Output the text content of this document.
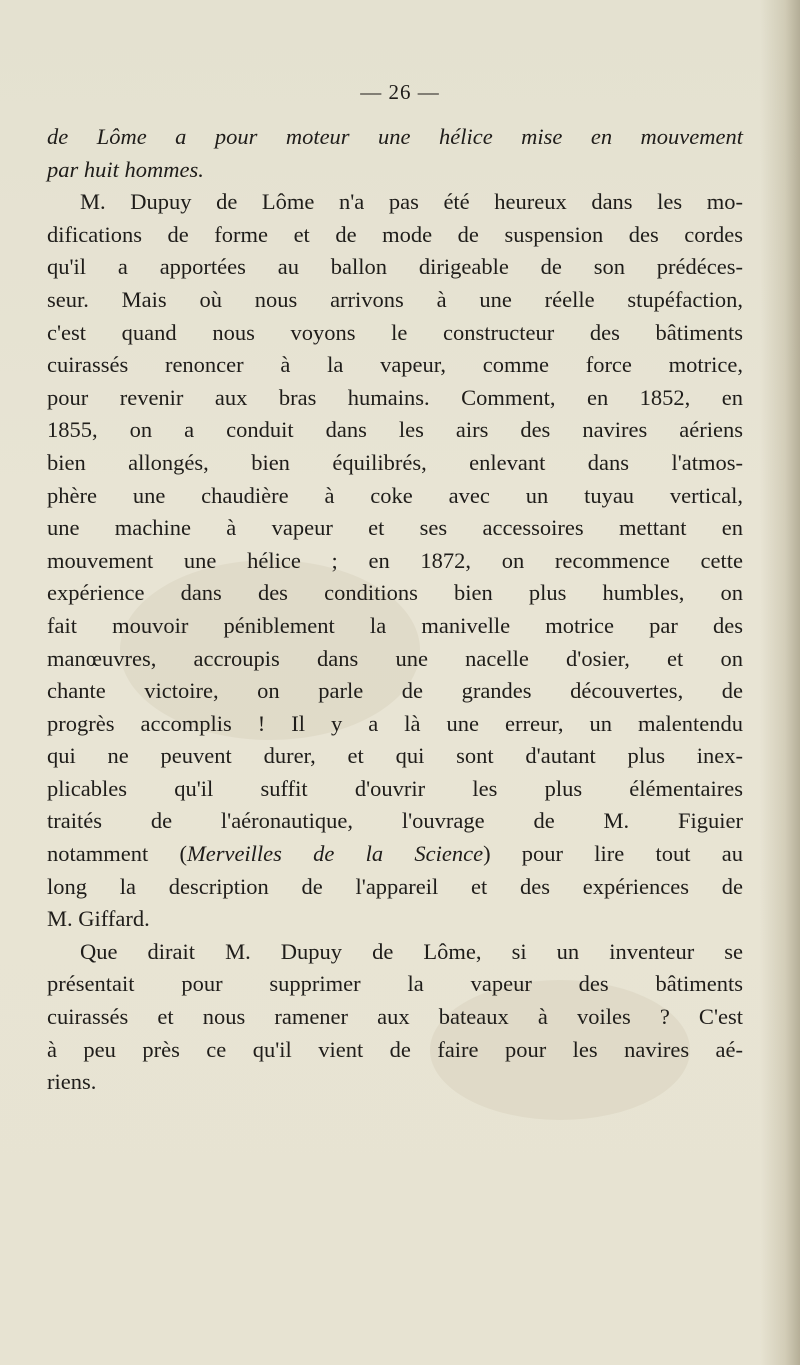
— 26 —
de Lôme a pour moteur une hélice mise en mouvement
par huit hommes.
M. Dupuy de Lôme n'a pas été heureux dans les mo-
difications de forme et de mode de suspension des cordes
qu'il a apportées au ballon dirigeable de son prédéces-
seur. Mais où nous arrivons à une réelle stupéfaction,
c'est quand nous voyons le constructeur des bâtiments
cuirassés renoncer à la vapeur, comme force motrice,
pour revenir aux bras humains. Comment, en 1852, en
1855, on a conduit dans les airs des navires aériens
bien allongés, bien équilibrés, enlevant dans l'atmos-
phère une chaudière à coke avec un tuyau vertical,
une machine à vapeur et ses accessoires mettant en
mouvement une hélice ; en 1872, on recommence cette
expérience dans des conditions bien plus humbles, on
fait mouvoir péniblement la manivelle motrice par des
manœuvres, accroupis dans une nacelle d'osier, et on
chante victoire, on parle de grandes découvertes, de
progrès accomplis ! Il y a là une erreur, un malentendu
qui ne peuvent durer, et qui sont d'autant plus inex-
plicables qu'il suffit d'ouvrir les plus élémentaires
traités de l'aéronautique, l'ouvrage de M. Figuier
notamment (Merveilles de la Science) pour lire tout au
long la description de l'appareil et des expériences de
M. Giffard.
Que dirait M. Dupuy de Lôme, si un inventeur se
présentait pour supprimer la vapeur des bâtiments
cuirassés et nous ramener aux bateaux à voiles ? C'est
à peu près ce qu'il vient de faire pour les navires aé-
riens.
